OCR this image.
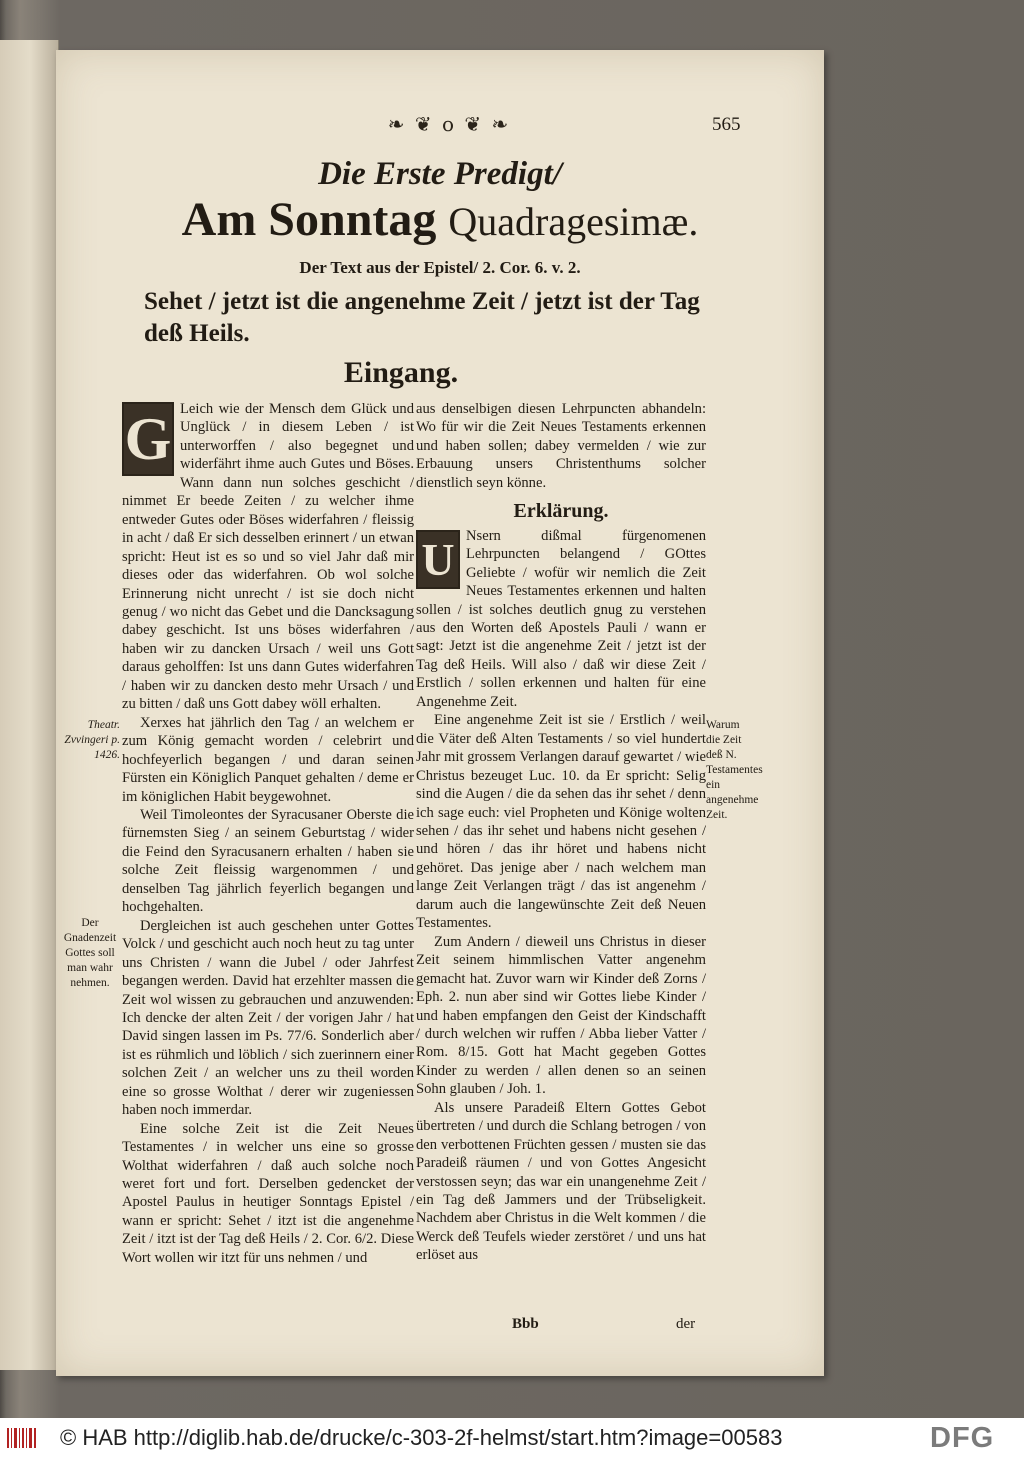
❧ ❦ o ❦ ❧	565
Die Erste Predigt/
Am Sonntag Quadragesimæ.
Der Text aus der Epistel/ 2. Cor. 6. v. 2.
Sehet / jetzt ist die angenehme Zeit / jetzt ist der Tag deß Heils.
Eingang.

G Leich wie der Mensch dem Glück und Unglück / in diesem Leben / ist unterworffen / also begegnet und widerfährt ihme auch Gutes und Böses. Wann dann nun solches geschicht / nimmet Er beede Zeiten / zu welcher ihme entweder Gutes oder Böses widerfahren / fleissig in acht / daß Er sich desselben erinnert / un etwan spricht: Heut ist es so und so viel Jahr daß mir dieses oder das widerfahren. Ob wol solche Erinnerung nicht unrecht / ist sie doch nicht genug / wo nicht das Gebet und die Dancksagung dabey geschicht. Ist uns böses widerfahren / haben wir zu dancken Ursach / weil uns Gott daraus geholffen: Ist uns dann Gutes widerfahren / haben wir zu dancken desto mehr Ursach / und zu bitten / daß uns Gott dabey wöll erhalten.

Xerxes hat jährlich den Tag / an welchem er zum König gemacht worden / celebrirt und hochfeyerlich begangen / und daran seinen Fürsten ein Königlich Panquet gehalten / deme er im königlichen Habit beygewohnet.

Weil Timoleontes der Syracusaner Oberste die fürnemsten Sieg / an seinem Geburtstag / wider die Feind den Syracusanern erhalten / haben sie solche Zeit fleissig wargenommen / und denselben Tag jährlich feyerlich begangen und hochgehalten.

Dergleichen ist auch geschehen unter Gottes Volck / und geschicht auch noch heut zu tag unter uns Christen / wann die Jubel / oder Jahrfest begangen werden. David hat erzehlter massen die Zeit wol wissen zu gebrauchen und anzuwenden: Ich dencke der alten Zeit / der vorigen Jahr / hat David singen lassen im Ps. 77/6. Sonderlich aber ist es rühmlich und löblich / sich zuerinnern einer solchen Zeit / an welcher uns zu theil worden eine so grosse Wolthat / derer wir zugeniessen haben noch immerdar.

Eine solche Zeit ist die Zeit Neues Testamentes / in welcher uns eine so grosse Wolthat widerfahren / daß auch solche noch weret fort und fort. Derselben gedencket der Apostel Paulus in heutiger Sonntags Epistel / wann er spricht: Sehet / itzt ist die angenehme Zeit / itzt ist der Tag deß Heils / 2. Cor. 6/2. Diese Wort wollen wir itzt für uns nehmen / und

aus denselbigen diesen Lehrpuncten abhandeln: Wo für wir die Zeit Neues Testaments erkennen und haben sollen; dabey vermelden / wie zur Erbauung unsers Christenthums solcher dienstlich seyn könne.

Erklärung.

U Nsern dißmal fürgenomenen Lehrpuncten belangend / GOttes Geliebte / wofür wir nemlich die Zeit Neues Testamentes erkennen und halten sollen / ist solches deutlich gnug zu verstehen aus den Worten deß Apostels Pauli / wann er sagt: Jetzt ist die angenehme Zeit / jetzt ist der Tag deß Heils. Will also / daß wir diese Zeit / Erstlich / sollen erkennen und halten für eine Angenehme Zeit.

Eine angenehme Zeit ist sie / Erstlich / weil die Väter deß Alten Testaments / so viel hundert Jahr mit grossem Verlangen darauf gewartet / wie Christus bezeuget Luc. 10. da Er spricht: Selig sind die Augen / die da sehen das ihr sehet / denn ich sage euch: viel Propheten und Könige wolten sehen / das ihr sehet und habens nicht gesehen / und hören / das ihr höret und habens nicht gehöret. Das jenige aber / nach welchem man lange Zeit Verlangen trägt / das ist angenehm / darum auch die langewünschte Zeit deß Neuen Testamentes.

Zum Andern / dieweil uns Christus in dieser Zeit seinem himmlischen Vatter angenehm gemacht hat. Zuvor warn wir Kinder deß Zorns / Eph. 2. nun aber sind wir Gottes liebe Kinder / und haben empfangen den Geist der Kindschafft / durch welchen wir ruffen / Abba lieber Vatter / Rom. 8/15. Gott hat Macht gegeben Gottes Kinder zu werden / allen denen so an seinen Sohn glauben / Joh. 1.

Als unsere Paradeiß Eltern Gottes Gebot übertreten / und durch die Schlang betrogen / von den verbottenen Früchten gessen / musten sie das Paradeiß räumen / und von Gottes Angesicht verstossen seyn; das war ein unangenehme Zeit / ein Tag deß Jammers und der Trübseligkeit. Nachdem aber Christus in die Welt kommen / die Werck deß Teufels wieder zerstöret / und uns hat erlöset aus

Theatr. Zvvingeri p. 1426.
Der Gnadenzeit Gottes soll man wahr nehmen.
Warum die Zeit deß N. Testamentes ein angenehme Zeit.
Bbb	der
© HAB http://diglib.hab.de/drucke/c-303-2f-helmst/start.htm?image=00583	DFG
